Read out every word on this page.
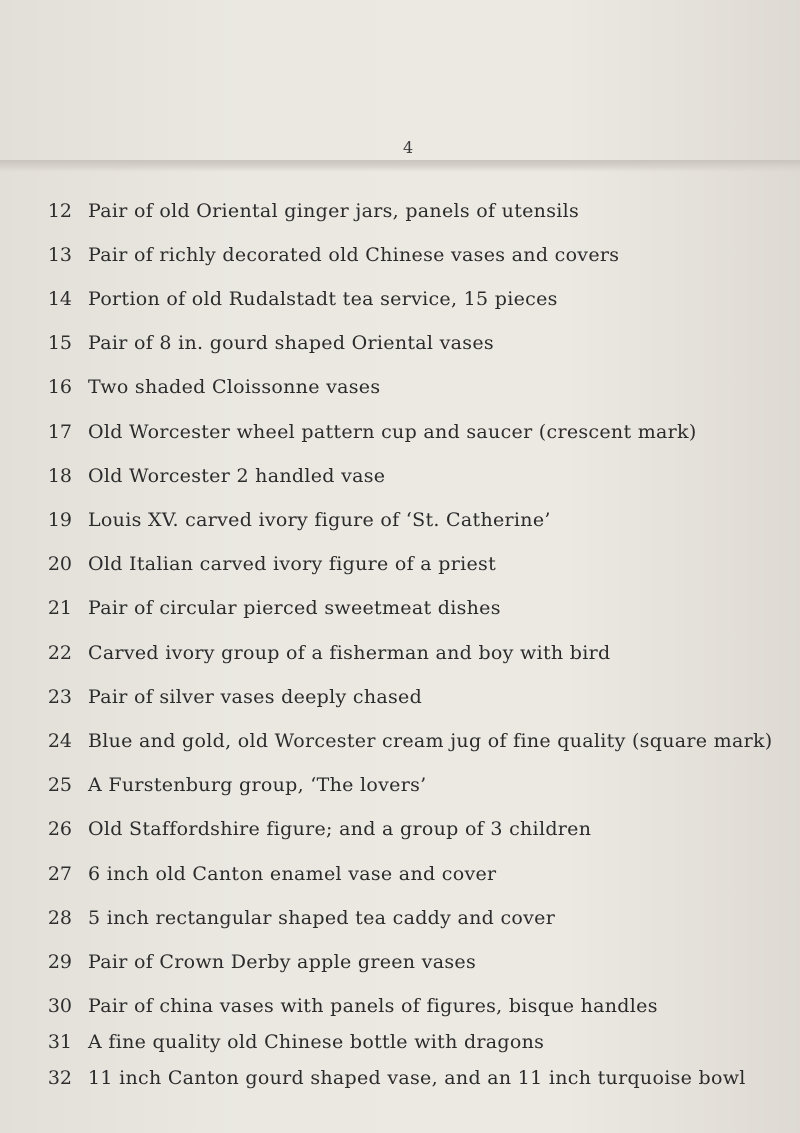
4
12 Pair of old Oriental ginger jars, panels of utensils
13 Pair of richly decorated old Chinese vases and covers
14 Portion of old Rudalstadt tea service, 15 pieces
15 Pair of 8 in. gourd shaped Oriental vases
16 Two shaded Cloissonne vases
17 Old Worcester wheel pattern cup and saucer (crescent mark)
18 Old Worcester 2 handled vase
19 Louis XV. carved ivory figure of ‘St. Catherine’
20 Old Italian carved ivory figure of a priest
21 Pair of circular pierced sweetmeat dishes
22 Carved ivory group of a fisherman and boy with bird
23 Pair of silver vases deeply chased
24 Blue and gold, old Worcester cream jug of fine quality (square mark)
25 A Furstenburg group, ‘The lovers’
26 Old Staffordshire figure; and a group of 3 children
27 6 inch old Canton enamel vase and cover
28 5 inch rectangular shaped tea caddy and cover
29 Pair of Crown Derby apple green vases
30 Pair of china vases with panels of figures, bisque handles
31 A fine quality old Chinese bottle with dragons
32 11 inch Canton gourd shaped vase, and an 11 inch turquoise bowl
